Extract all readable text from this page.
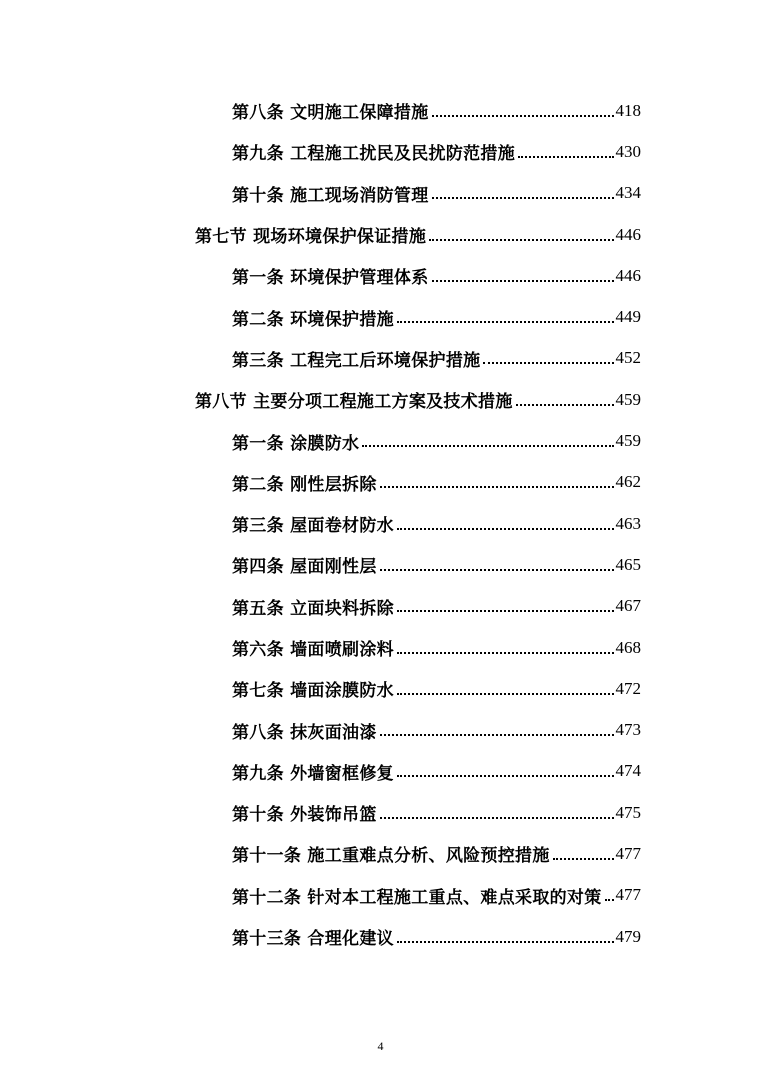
第八条 文明施工保障措施	418
第九条 工程施工扰民及民扰防范措施	430
第十条 施工现场消防管理	434
第七节 现场环境保护保证措施	446
第一条 环境保护管理体系	446
第二条 环境保护措施	449
第三条 工程完工后环境保护措施	452
第八节 主要分项工程施工方案及技术措施	459
第一条 涂膜防水	459
第二条 刚性层拆除	462
第三条 屋面卷材防水	463
第四条 屋面刚性层	465
第五条 立面块料拆除	467
第六条 墙面喷刷涂料	468
第七条 墙面涂膜防水	472
第八条 抹灰面油漆	473
第九条 外墙窗框修复	474
第十条 外装饰吊篮	475
第十一条 施工重难点分析、风险预控措施	477
第十二条 针对本工程施工重点、难点采取的对策 477
第十三条 合理化建议	479
4
